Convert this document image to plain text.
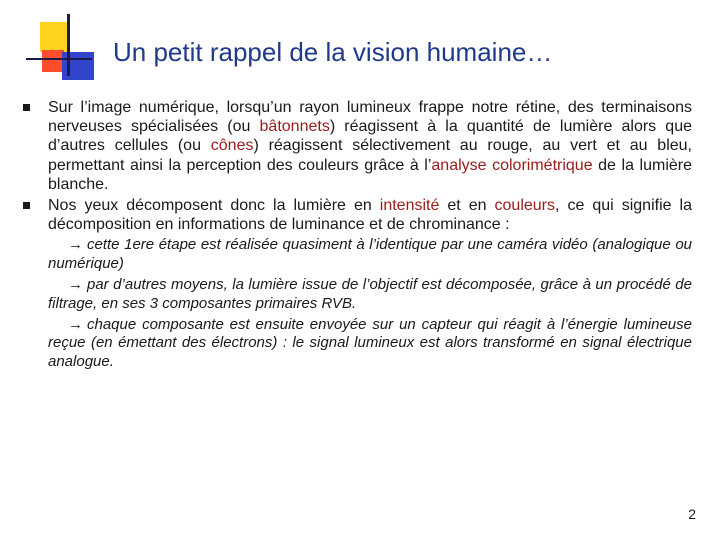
Un petit rappel de la vision humaine…
Sur l’image numérique, lorsqu’un rayon lumineux frappe notre rétine, des terminaisons nerveuses spécialisées (ou bâtonnets) réagissent à la quantité de lumière alors que d’autres cellules (ou cônes) réagissent sélectivement au rouge, au vert et au bleu, permettant ainsi la perception des couleurs grâce à l’analyse colorimétrique de la lumière blanche.
Nos yeux décomposent donc la lumière en intensité et en couleurs, ce qui signifie la décomposition en informations de luminance et de chrominance :
→ cette 1ere étape est réalisée quasiment à l’identique par une caméra vidéo (analogique ou numérique)
→ par d’autres moyens, la lumière issue de l’objectif est décomposée, grâce à un procédé de filtrage, en ses 3 composantes primaires RVB.
→ chaque composante est ensuite envoyée sur un capteur qui réagit à l’énergie lumineuse reçue (en émettant des électrons) : le signal lumineux est alors transformé en signal électrique analogue.
2
